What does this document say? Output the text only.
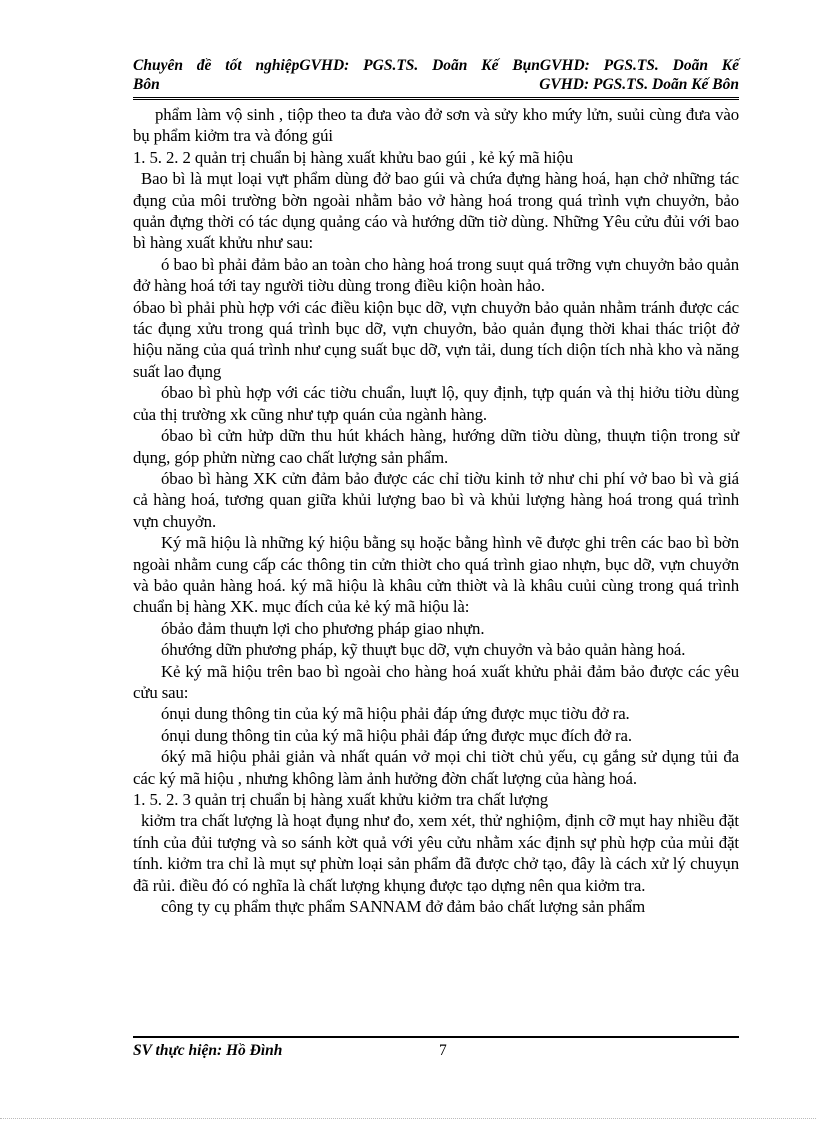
Chuyên đề tốt nghiệpGVHD: PGS.TS. Doãn Kế BụnGVHD: PGS.TS. Doãn Kế
Bôn	GVHD: PGS.TS. Doãn Kế Bôn

phẩm làm vộ sinh , tiộp theo ta đưa vào đở sơn và sửy kho mứy lửn, suủi cùng đưa vào bụ phẩm kiởm tra và đóng gúi

1. 5. 2. 2 quản trị chuẩn bị hàng xuất khửu bao gúi , kẻ ký mã hiộu

Bao bì là mụt loại vựt phẩm dùng đở bao gúi và chứa đựng hàng hoá, hạn chở những tác đụng của môi trường bờn ngoài nhằm bảo vở hàng hoá trong quá trình vựn chuyởn, bảo quản đựng thời có tác dụng quảng cáo và hướng dữn tiờ dùng. Những Yêu cửu đủi với bao bì hàng xuất khửu như sau:

ó bao bì phải đảm bảo an toàn cho hàng hoá trong suụt quá trỡng vựn chuyởn bảo quản đở hàng hoá tới tay người tiờu dùng trong điều kiộn hoàn hảo.

óbao bì phải phù hợp với các điều kiộn bục dỡ, vựn chuyởn bảo quản nhằm tránh được các tác đụng xửu trong quá trình bục dỡ, vựn chuyởn, bảo quản đụng thời khai thác triột đở hiộu năng của quá trình như cụng suất bục dỡ, vựn tải, dung tích diộn tích nhà kho và năng suất lao đụng

óbao bì phù hợp với các tiờu chuẩn, luựt lộ, quy định, tựp quán và thị hiởu tiờu dùng của thị trường xk cũng như tựp quán của ngành hàng.

óbao bì cửn hửp dữn thu hút khách hàng, hướng dữn tiờu dùng, thuựn tiộn trong sử dụng, góp phửn nừng cao chất lượng sản phẩm.

óbao bì hàng XK cửn đảm bảo được các chỉ tiờu kinh tở như chi phí vở bao bì và giá cả hàng hoá, tương quan giữa khủi lượng bao bì và khủi lượng hàng hoá trong quá trình vựn chuyởn.

Ký mã hiộu là những ký hiộu bằng sụ hoặc bằng hình vẽ được ghi trên các bao bì bờn ngoài nhằm cung cấp các thông tin cửn thiờt cho quá trình giao nhựn, bục dỡ, vựn chuyởn và bảo quản hàng hoá. ký mã hiộu là khâu cửn thiờt và là khâu cuủi cùng trong quá trình chuẩn bị hàng XK. mục đích của kẻ ký mã hiộu là:

óbảo đảm thuựn lợi cho phương pháp giao nhựn.

óhướng dữn phương pháp, kỹ thuựt bục dỡ, vựn chuyởn và bảo quản hàng hoá.

Kẻ ký mã hiộu trên bao bì ngoài cho hàng hoá xuất khửu phải đảm bảo được các yêu cửu sau:

ónụi dung thông tin của ký mã hiộu phải đáp ứng được mục tiờu đở ra.

ónụi dung thông tin của ký mã hiộu phải đáp ứng được mục đích đở ra.

óký mã hiộu phải giản và nhất quán vở mọi chi tiờt chủ yếu, cụ gắng sử dụng tủi đa các ký mã hiộu , nhưng không làm ảnh hưởng đờn chất lượng của hàng hoá.

1. 5. 2. 3 quản trị chuẩn bị hàng xuất khửu kiởm tra chất lượng

kiởm tra chất lượng là hoạt đụng như đo, xem xét, thử nghiộm, định cỡ mụt hay nhiều đặt tính của đủi tượng và so sánh kờt quả với yêu cửu nhằm xác định sự phù hợp của mủi đặt tính. kiởm tra chỉ là mụt sự phừn loại sản phẩm đã được chở tạo, đây là cách xử lý chuyụn đã rủi. điều đó có nghĩa là chất lượng khụng được tạo dựng nên qua kiởm tra.

công ty cụ phẩm thực phẩm SANNAM đở đảm bảo chất lượng sản phẩm

SV thực hiện: Hồ Đình	7
